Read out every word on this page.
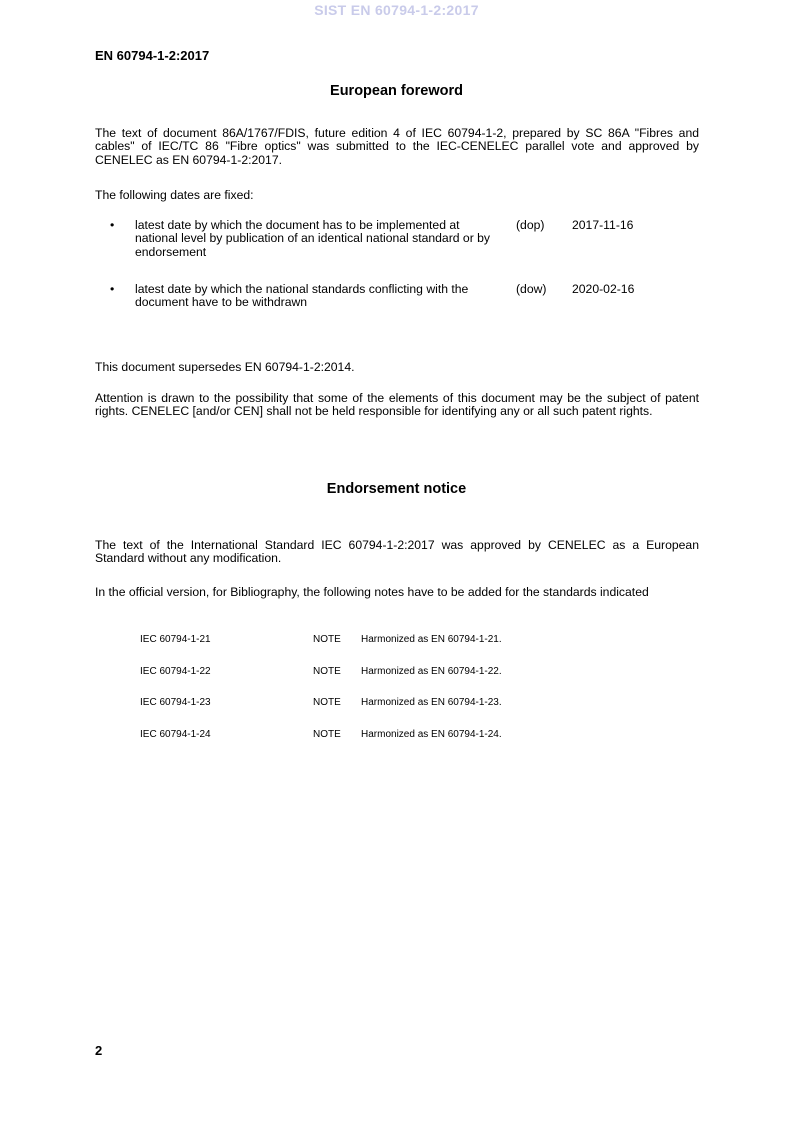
SIST EN 60794-1-2:2017
EN 60794-1-2:2017
European foreword
The text of document 86A/1767/FDIS, future edition 4 of IEC 60794-1-2, prepared by SC 86A "Fibres and cables" of IEC/TC 86 "Fibre optics" was submitted to the IEC-CENELEC parallel vote and approved by CENELEC as EN 60794-1-2:2017.
The following dates are fixed:
• latest date by which the document has to be implemented at national level by publication of an identical national standard or by endorsement
(dop) 2017-11-16
• latest date by which the national standards conflicting with the document have to be withdrawn
(dow) 2020-02-16
This document supersedes EN 60794-1-2:2014.
Attention is drawn to the possibility that some of the elements of this document may be the subject of patent rights. CENELEC [and/or CEN] shall not be held responsible for identifying any or all such patent rights.
Endorsement notice
The text of the International Standard IEC 60794-1-2:2017 was approved by CENELEC as a European Standard without any modification.
In the official version, for Bibliography, the following notes have to be added for the standards indicated
IEC 60794-1-21	NOTE Harmonized as EN 60794-1-21.
IEC 60794-1-22	NOTE Harmonized as EN 60794-1-22.
IEC 60794-1-23	NOTE Harmonized as EN 60794-1-23.
IEC 60794-1-24	NOTE Harmonized as EN 60794-1-24.
2
